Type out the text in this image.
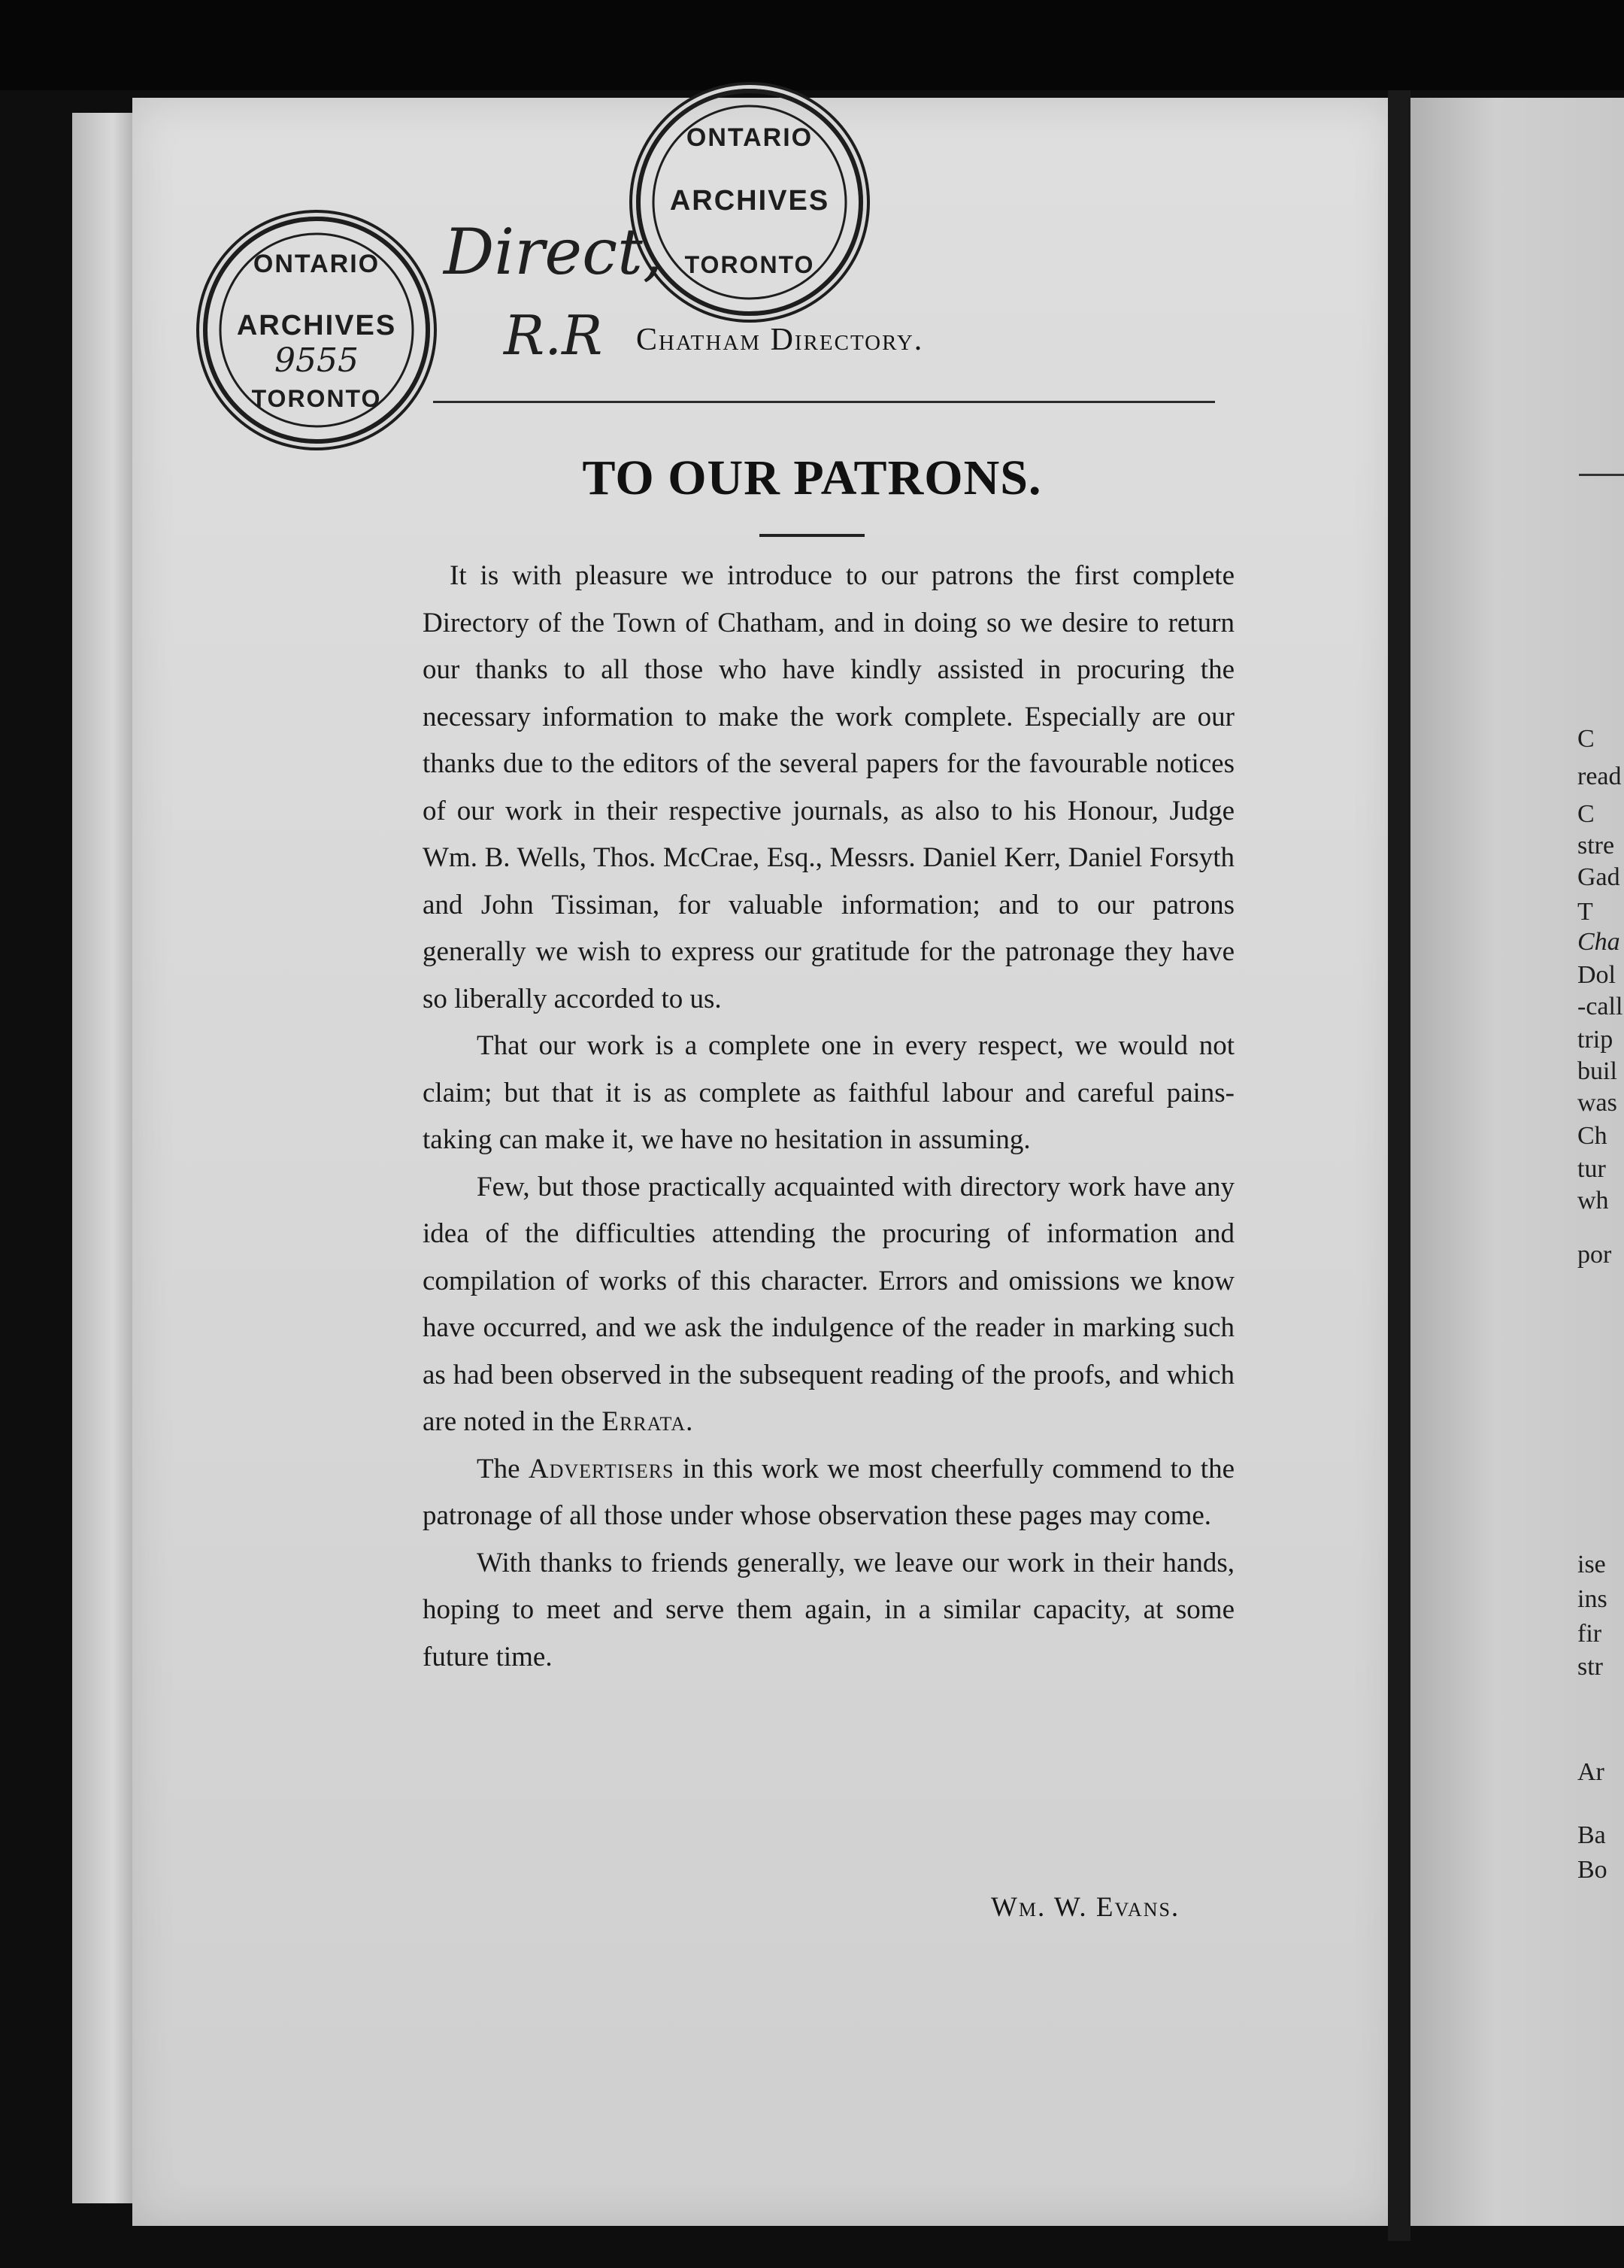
C
read
C
stre
Gad
T
Cha
Dol
-call
trip
buil
was
Ch
tur
wh
por
ise
ins
fir
str
Ar
Ba
Bo
ONTARIO
ARCHIVES
9555
TORONTO
ONTARIO
ARCHIVES
TORONTO
Direct,
R.R Chatham Directory.
TO OUR PATRONS.

It is with pleasure we introduce to our patrons the first complete Directory of the Town of Chatham, and in doing so we desire to return our thanks to all those who have kindly assisted in procuring the necessary information to make the work complete. Especially are our thanks due to the editors of the several papers for the favourable notices of our work in their respective journals, as also to his Honour, Judge Wm. B. Wells, Thos. McCrae, Esq., Messrs. Daniel Kerr, Daniel Forsyth and John Tissiman, for valuable information; and to our patrons generally we wish to express our gratitude for the patronage they have so liberally accorded to us.

That our work is a complete one in every respect, we would not claim; but that it is as complete as faithful labour and careful pains-taking can make it, we have no hesitation in assuming.

Few, but those practically acquainted with directory work have any idea of the difficulties attending the procuring of information and compilation of works of this character. Errors and omissions we know have occurred, and we ask the indulgence of the reader in marking such as had been observed in the subsequent reading of the proofs, and which are noted in the Errata.

The Advertisers in this work we most cheerfully commend to the patronage of all those under whose observation these pages may come.

With thanks to friends generally, we leave our work in their hands, hoping to meet and serve them again, in a similar capacity, at some future time.

Wm. W. Evans.
